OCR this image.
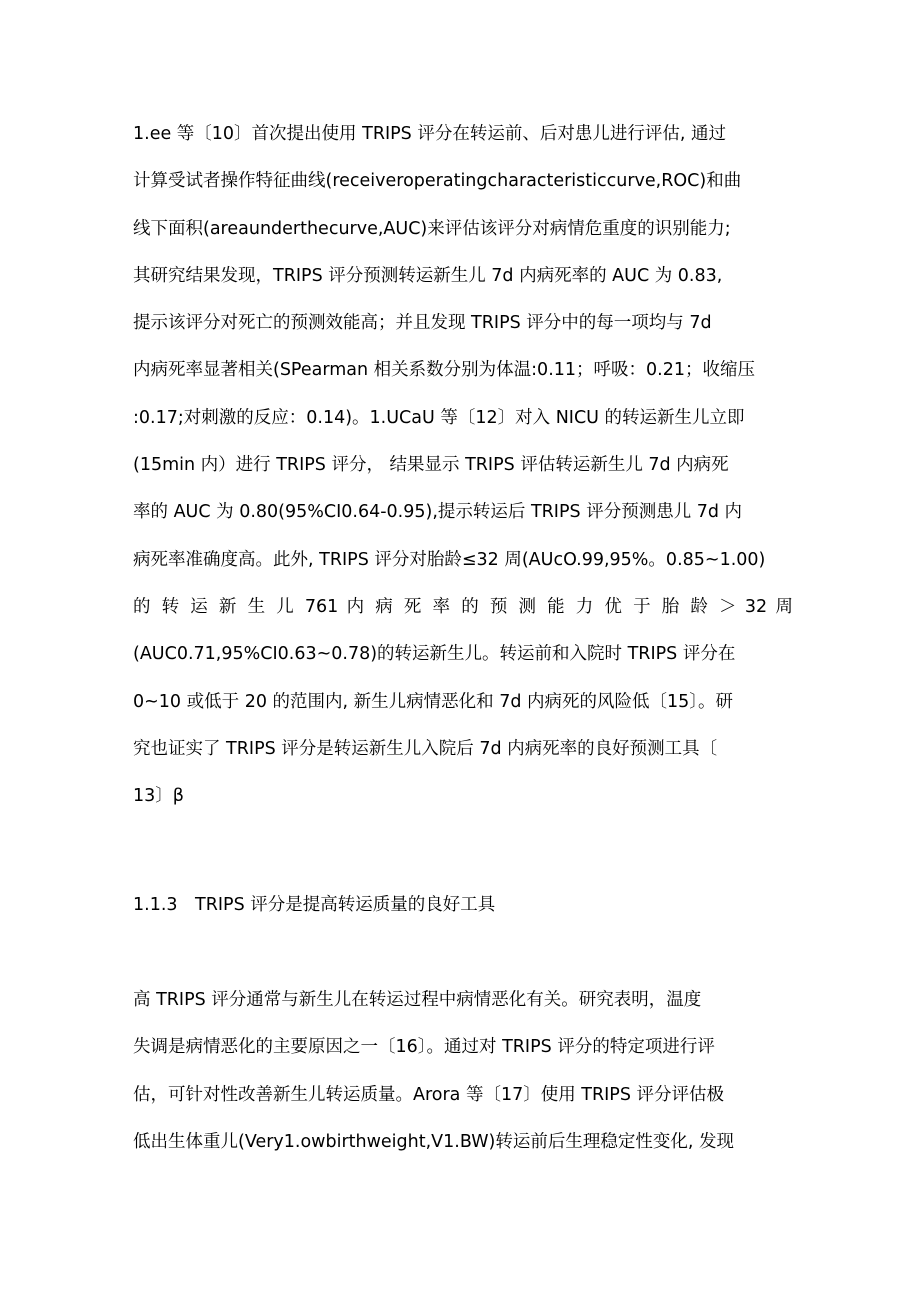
1.ee 等〔10〕首次提出使用 TRIPS 评分在转运前、后对患儿进行评估, 通过
计算受试者操作特征曲线(receiveroperatingcharacteristiccurve,ROC)和曲
线下面积(areaunderthecurve,AUC)来评估该评分对病情危重度的识别能力;
其研究结果发现，TRIPS 评分预测转运新生儿 7d 内病死率的 AUC 为 0.83,
提示该评分对死亡的预测效能高；并且发现 TRIPS 评分中的每一项均与 7d
内病死率显著相关(SPearman 相关系数分别为体温:0.11；呼吸：0.21；收缩压
:0.17;对刺激的反应：0.14)。1.UCaU 等〔12〕对入 NICU 的转运新生儿立即
(15min 内）进行 TRIPS 评分， 结果显示 TRIPS 评估转运新生儿 7d 内病死
率的 AUC 为 0.80(95%CI0.64-0.95),提示转运后 TRIPS 评分预测患儿 7d 内
病死率准确度高。此外, TRIPS 评分对胎龄≤32 周(AUcO.99,95%。0.85~1.00)
的 转 运 新 生 儿 761 内 病 死 率 的 预 测 能 力 优 于 胎 龄 ＞ 32 周
(AUC0.71,95%CI0.63~0.78)的转运新生儿。转运前和入院时 TRIPS 评分在
0~10 或低于 20 的范围内, 新生儿病情恶化和 7d 内病死的风险低〔15〕。研
究也证实了 TRIPS 评分是转运新生儿入院后 7d 内病死率的良好预测工具〔
13〕β
1.1.3　TRIPS 评分是提高转运质量的良好工具
高 TRIPS 评分通常与新生儿在转运过程中病情恶化有关。研究表明，温度
失调是病情恶化的主要原因之一〔16〕。通过对 TRIPS 评分的特定项进行评
估，可针对性改善新生儿转运质量。Arora 等〔17〕使用 TRIPS 评分评估极
低出生体重儿(Very1.owbirthweight,V1.BW)转运前后生理稳定性变化, 发现
